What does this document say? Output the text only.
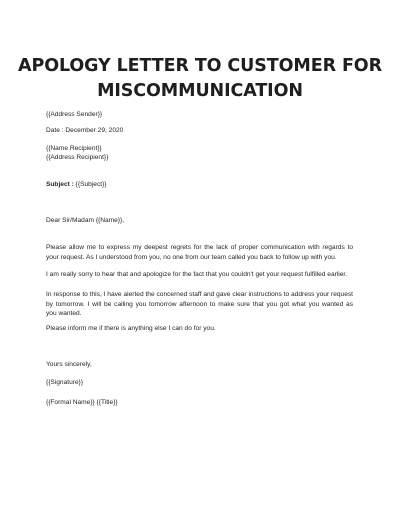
APOLOGY LETTER TO CUSTOMER FOR
MISCOMMUNICATION
{{Address Sender}}
Date : December 29, 2020
{{Name Recipient}}
{{Address Recipient}}
Subject : {{Subject}}
Dear Sir/Madam {{Name}},
Please allow me to express my deepest regrets for the lack of proper communication with regards to
your request. As I understood from you, no one from our team called you back to follow up with you.
I am really sorry to hear that and apologize for the fact that you couldn't get your request fulfilled earlier.
In response to this, I have alerted the concerned staff and gave clear instructions to address your request
by tomorrow. I will be calling you tomorrow afternoon to make sure that you got what you wanted as
you wanted.
Please inform me if there is anything else I can do for you.
Yours sincerely,
{{Signature}}
{{Formal Name}} {{Title}}
